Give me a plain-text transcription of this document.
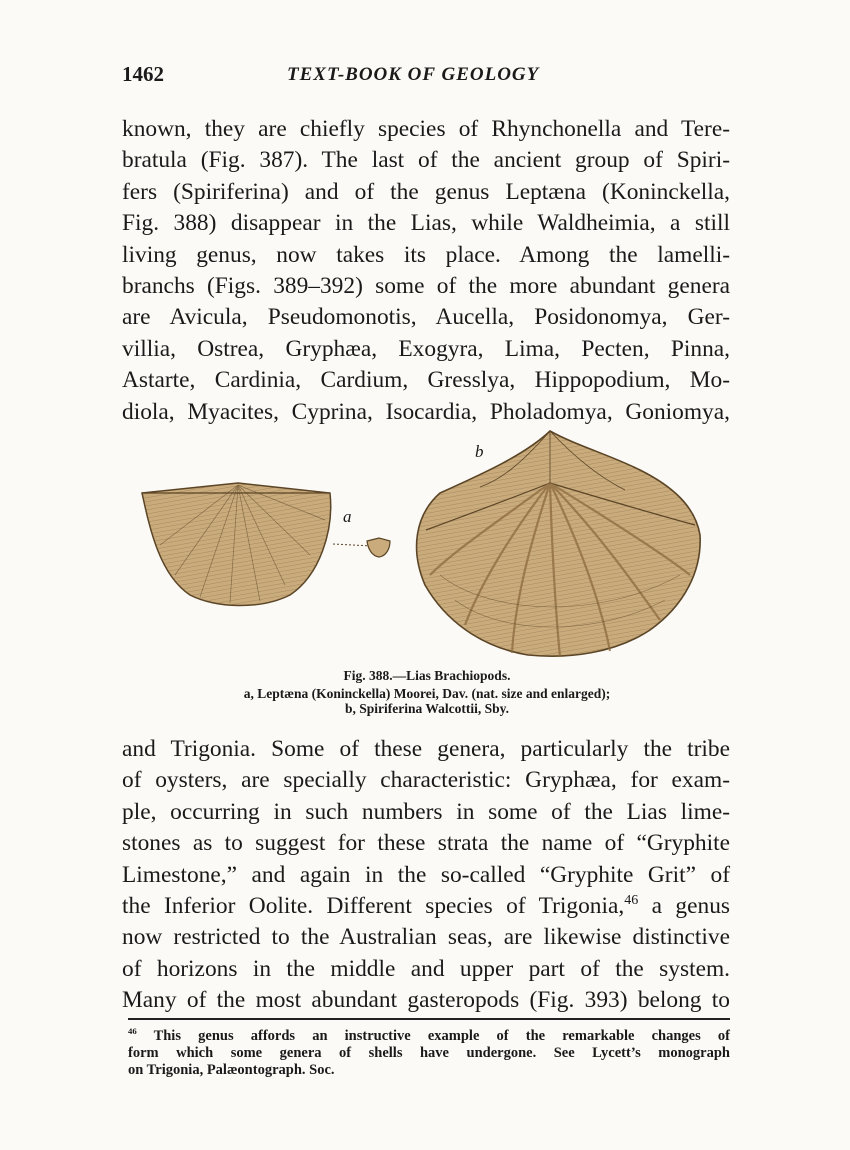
1462	TEXT-BOOK OF GEOLOGY
known, they are chiefly species of Rhynchonella and Tere-
bratula (Fig. 387). The last of the ancient group of Spiri-
fers (Spiriferina) and of the genus Leptæna (Koninckella,
Fig. 388) disappear in the Lias, while Waldheimia, a still
living genus, now takes its place. Among the lamelli-
branchs (Figs. 389–392) some of the more abundant genera
are Avicula, Pseudomonotis, Aucella, Posidonomya, Ger-
villia, Ostrea, Gryphæa, Exogyra, Lima, Pecten, Pinna,
Astarte, Cardinia, Cardium, Gresslya, Hippopodium, Mo-
diola, Myacites, Cyprina, Isocardia, Pholadomya, Goniomya,
a
b
Fig. 388.—Lias Brachiopods.
a, Leptæna (Koninckella) Moorei, Dav. (nat. size and enlarged);
b, Spiriferina Walcottii, Sby.
and Trigonia. Some of these genera, particularly the tribe
of oysters, are specially characteristic: Gryphæa, for exam-
ple, occurring in such numbers in some of the Lias lime-
stones as to suggest for these strata the name of “Gryphite
Limestone,” and again in the so-called “Gryphite Grit” of
the Inferior Oolite. Different species of Trigonia,$^{46}$ a genus
now restricted to the Australian seas, are likewise distinctive
of horizons in the middle and upper part of the system.
Many of the most abundant gasteropods (Fig. 393) belong to
$^{46}$ This genus affords an instructive example of the remarkable changes of
form which some genera of shells have undergone. See Lycett’s monograph
on Trigonia, Palæontograph. Soc.
